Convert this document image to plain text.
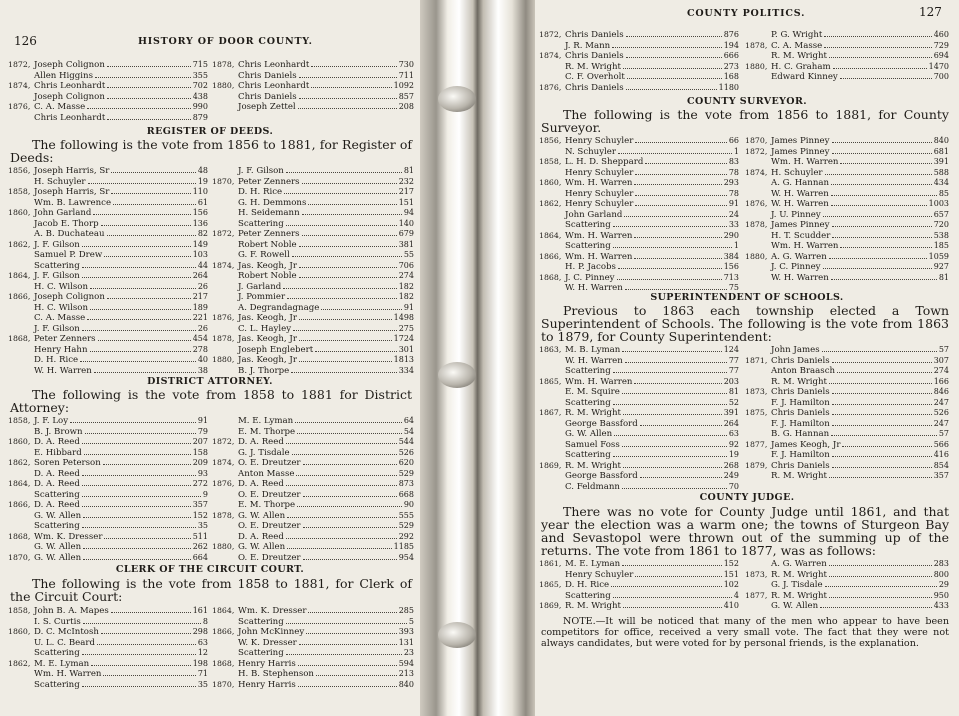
126	HISTORY OF DOOR COUNTY.
1872, Joseph Colignon	715
Allen Higgins	355
1874, Chris Leonhardt	702
Joseph Colignon	438
1876, C. A. Masse	990
Chris Leonhardt	879
1878, Chris Leonhardt	730
Chris Daniels	711
1880, Chris Leonhardt	1092
Chris Daniels	857
Joseph Zettel	208
REGISTER OF DEEDS.
The following is the vote from 1856 to 1881, for Register of Deeds:
1856, Joseph Harris, Sr	48
H. Schuyler	19
1858, Joseph Harris, Sr	110
Wm. B. Lawrence	61
1860, John Garland	156
Jacob E. Thorp	136
A. B. Duchateau	82
1862, J. F. Gilson	149
Samuel P. Drew	103
Scattering	44
1864, J. F. Gilson	264
H. C. Wilson	26
1866, Joseph Colignon	217
H. C. Wilson	189
C. A. Masse	221
J. F. Gilson	26
1868, Peter Zenners	454
Henry Hahn	278
D. H. Rice	40
W. H. Warren	38
J. F. Gilson	81
1870, Peter Zenners	232
D. H. Rice	217
G. H. Demmons	151
H. Seidemann	94
Scattering	140
1872, Peter Zenners	679
Robert Noble	381
G. F. Rowell	55
1874, Jas. Keogh, Jr	706
Robert Noble	274
J. Garland	182
J. Pommier	182
A. Degrandagnage	91
1876, Jas. Keogh, Jr	1498
C. L. Hayley	275
1878, Jas. Keogh, Jr	1724
Joseph Englebert	301
1880, Jas. Keogh, Jr	1813
B. J. Thorpe	334
DISTRICT ATTORNEY.
The following is the vote from 1858 to 1881 for District Attorney:
1858, J. F. Loy	91
B. J. Brown	79
1860, D. A. Reed	207
E. Hibbard	158
1862, Soren Peterson	209
D. A. Reed	93
1864, D. A. Reed	272
Scattering	9
1866, D. A. Reed	357
G. W. Allen	152
Scattering	35
1868, Wm. K. Dresser	511
G. W. Allen	262
1870, G. W. Allen	664
M. E. Lyman	64
E. M. Thorpe	54
1872, D. A. Reed	544
G. J. Tisdale	526
1874, O. E. Dreutzer	620
Anton Masse	529
1876, D. A. Reed	873
O. E. Dreutzer	668
E. M. Thorpe	90
1878, G. W. Allen	555
O. E. Dreutzer	529
D. A. Reed	292
1880, G. W. Allen	1185
O. E. Dreutzer	954
CLERK OF THE CIRCUIT COURT.
The following is the vote from 1858 to 1881, for Clerk of the Circuit Court:
1858, John B. A. Mapes	161
I. S. Curtis	8
1860, D. C. McIntosh	298
U. L. C. Beard	63
Scattering	12
1862, M. E. Lyman	198
Wm. H. Warren	71
Scattering	35
1864, Wm. K. Dresser	285
Scattering	5
1866, John McKinney	393
W. K. Dresser	131
Scattering	23
1868, Henry Harris	594
H. B. Stephenson	213
1870, Henry Harris	840
COUNTY POLITICS.	127
1872, Chris Daniels	876
J. R. Mann	194
1874, Chris Daniels	666
R. M. Wright	273
C. F. Overholt	168
1876, Chris Daniels	1180
P. G. Wright	460
1878, C. A. Masse	729
R. M. Wright	694
1880, H. C. Graham	1470
Edward Kinney	700
COUNTY SURVEYOR.
The following is the vote from 1856 to 1881, for County Surveyor.
1856, Henry Schuyler	66
N. Schuyler	1
1858, L. H. D. Sheppard	83
Henry Schuyler	78
1860, Wm. H. Warren	293
Henry Schuyler	78
1862, Henry Schuyler	91
John Garland	24
Scattering	33
1864, Wm. H. Warren	290
Scattering	1
1866, Wm. H. Warren	384
H. P. Jacobs	156
1868, J. C. Pinney	713
W. H. Warren	75
1870, James Pinney	840
1872, James Pinney	681
Wm. H. Warren	391
1874, H. Schuyler	588
A. G. Hannan	434
W. H. Warren	85
1876, W. H. Warren	1003
J. U. Pinney	657
1878, James Pinney	720
H. T. Scudder	538
Wm. H. Warren	185
1880, A. G. Warren	1059
J. C. Pinney	927
W. H. Warren	81
SUPERINTENDENT OF SCHOOLS.
Previous to 1863 each township elected a Town Superintendent of Schools. The following is the vote from 1863 to 1879, for County Superintendent:
1863, M. B. Lyman	124
W. H. Warren	77
Scattering	77
1865, Wm. H. Warren	203
E. M. Squire	81
Scattering	52
1867, R. M. Wright	391
George Bassford	264
G. W. Allen	63
Samuel Foss	92
Scattering	19
1869, R. M. Wright	268
George Bassford	249
C. Feldmann	70
John James	57
1871, Chris Daniels	307
Anton Braasch	274
R. M. Wright	166
1873, Chris Daniels	846
F. J. Hamilton	247
1875, Chris Daniels	526
F. J. Hamilton	247
B. G. Hannan	57
1877, James Keogh, Jr	566
F. J. Hamilton	416
1879, Chris Daniels	854
R. M. Wright	357
COUNTY JUDGE.
There was no vote for County Judge until 1861, and that year the election was a warm one; the towns of Sturgeon Bay and Sevastopol were thrown out of the summing up of the returns. The vote from 1861 to 1877, was as follows:
1861, M. E. Lyman	152
Henry Schuyler	151
1865, D. H. Rice	102
Scattering	4
1869, R. M. Wright	410
A. G. Warren	283
1873, R. M. Wright	800
G. J. Tisdale	29
1877, R. M. Wright	950
G. W. Allen	433
NOTE.—It will be noticed that many of the men who appear to have been competitors for office, received a very small vote. The fact that they were not always candidates, but were voted for by personal friends, is the explanation.
